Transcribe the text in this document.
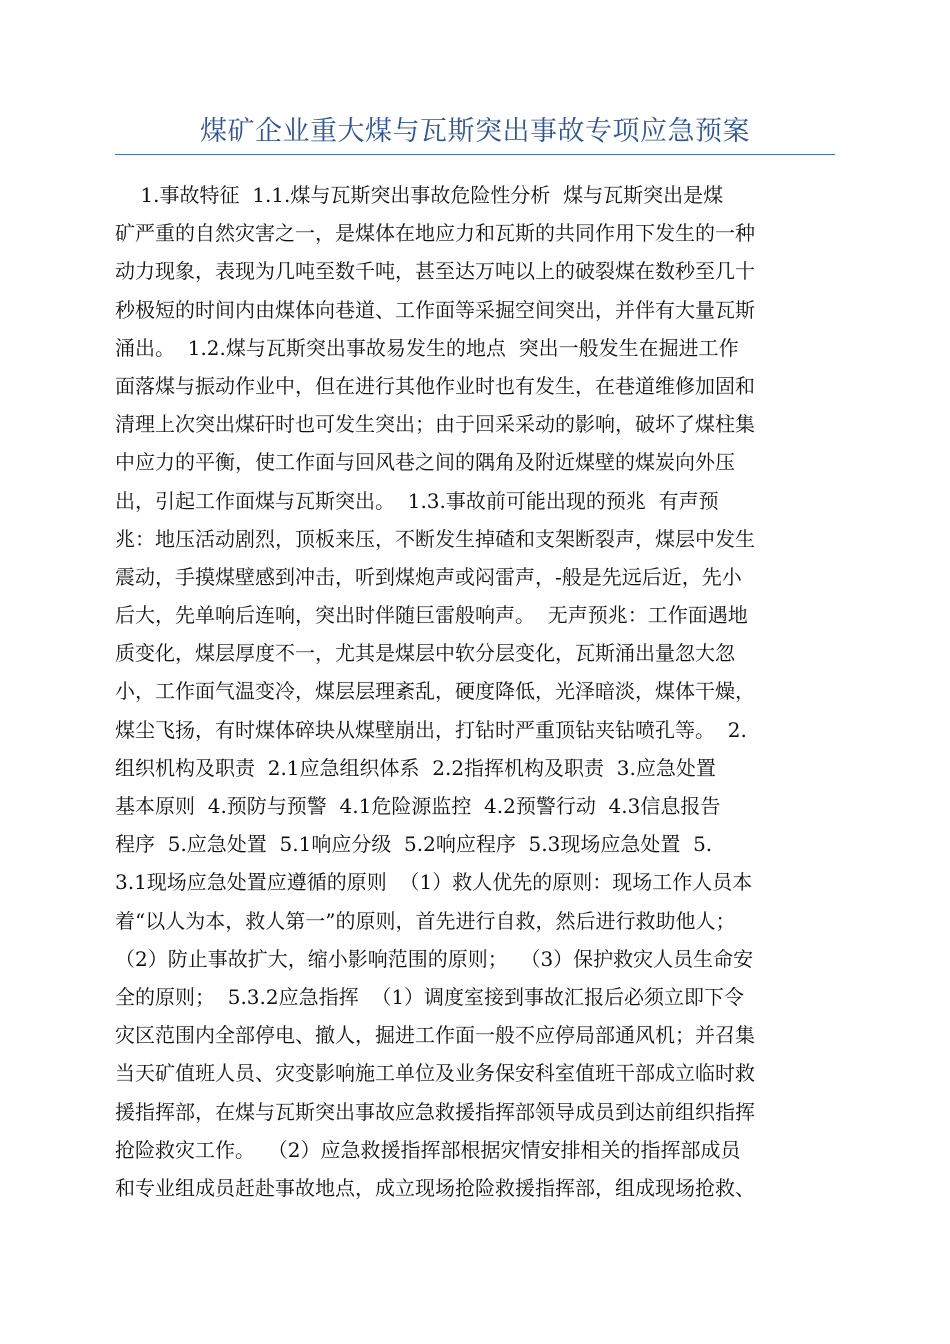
煤矿企业重大煤与瓦斯突出事故专项应急预案
1.事故特征  1.1.煤与瓦斯突出事故危险性分析  煤与瓦斯突出是煤
矿严重的自然灾害之一，是煤体在地应力和瓦斯的共同作用下发生的一种
动力现象，表现为几吨至数千吨，甚至达万吨以上的破裂煤在数秒至几十
秒极短的时间内由煤体向巷道、工作面等采掘空间突出，并伴有大量瓦斯
涌出。  1.2.煤与瓦斯突出事故易发生的地点  突出一般发生在掘进工作
面落煤与振动作业中，但在进行其他作业时也有发生，在巷道维修加固和
清理上次突出煤矸时也可发生突出；由于回采采动的影响，破坏了煤柱集
中应力的平衡，使工作面与回风巷之间的隅角及附近煤壁的煤炭向外压
出，引起工作面煤与瓦斯突出。  1.3.事故前可能出现的预兆  有声预
兆：地压活动剧烈，顶板来压，不断发生掉碴和支架断裂声，煤层中发生
震动，手摸煤壁感到冲击，听到煤炮声或闷雷声，-般是先远后近，先小
后大，先单响后连响，突出时伴随巨雷般响声。  无声预兆：工作面遇地
质变化，煤层厚度不一，尤其是煤层中软分层变化，瓦斯涌出量忽大忽
小，工作面气温变冷，煤层层理紊乱，硬度降低，光泽暗淡，煤体干燥，
煤尘飞扬，有时煤体碎块从煤壁崩出，打钻时严重顶钻夹钻喷孔等。  2.
组织机构及职责  2.1应急组织体系  2.2指挥机构及职责  3.应急处置
基本原则  4.预防与预警  4.1危险源监控  4.2预警行动  4.3信息报告
程序  5.应急处置  5.1响应分级  5.2响应程序  5.3现场应急处置  5.
3.1现场应急处置应遵循的原则  （1）救人优先的原则：现场工作人员本
着“以人为本，救人第一”的原则，首先进行自救，然后进行救助他人；
（2）防止事故扩大，缩小影响范围的原则；  （3）保护救灾人员生命安
全的原则；  5.3.2应急指挥  （1）调度室接到事故汇报后必须立即下令
灾区范围内全部停电、撤人，掘进工作面一般不应停局部通风机；并召集
当天矿值班人员、灾变影响施工单位及业务保安科室值班干部成立临时救
援指挥部，在煤与瓦斯突出事故应急救援指挥部领导成员到达前组织指挥
抢险救灾工作。  （2）应急救援指挥部根据灾情安排相关的指挥部成员
和专业组成员赶赴事故地点，成立现场抢险救援指挥部，组成现场抢救、
